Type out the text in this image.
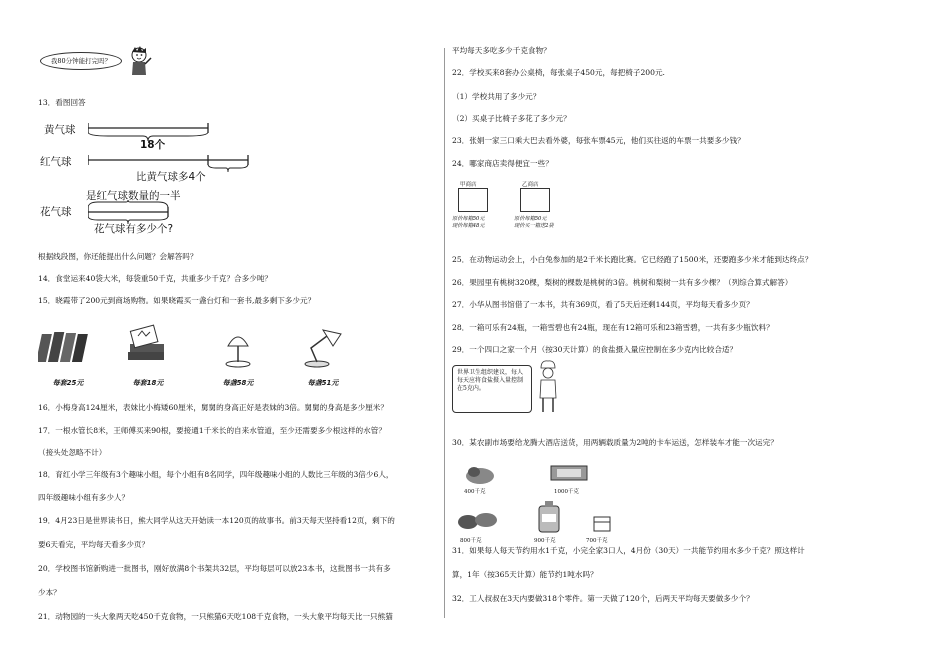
我80分钟能打完吗？
13．看图回答
黄气球
18个
红气球
比黄气球多4个
是红气球数量的一半
花气球
花气球有多少个?
根据线段图，你还能提出什么问题？会解答吗？
14．食堂运来40袋大米，每袋重50千克，共重多少千克？合多少吨？
15．晓霞带了200元到商场购物。如果晓霞买一盏台灯和一套书,最多剩下多少元？
每套25元	每套18元	每盏58元	每盏51元
16．小梅身高124厘米，表妹比小梅矮60厘米，舅舅的身高正好是表妹的3倍。舅舅的身高是多少厘米？
17．一根水管长8米，王师傅买来90根，要接通1千米长的自来水管道，至少还需要多少根这样的水管？
（接头处忽略不计）
18．育红小学三年级有3个趣味小组，每个小组有8名同学，四年级趣味小组的人数比三年级的3倍少6人，
四年级趣味小组有多少人？
19．4月23日是世界读书日，熊大同学从这天开始读一本120页的故事书。前3天每天坚持看12页，剩下的
要6天看完，平均每天看多少页？
20．学校图书馆新购进一批图书，刚好放满8个书架共32层，平均每层可以放23本书，这批图书一共有多
少本？
21．动物园的一头大象两天吃450千克食物，一只熊猫6天吃108千克食物，一头大象平均每天比一只熊猫
平均每天多吃多少千克食物？
22．学校买来8套办公桌椅，每张桌子450元，每把椅子200元.
（1）学校共用了多少元？
（2）买桌子比椅子多花了多少元？
23．张娟一家三口乘大巴去看外婆，每张车票45元，他们买往返的车票一共要多少钱？
24．哪家商店卖得便宜一些？
甲商店
原价每箱50元
现价每箱48元
乙商店
原价每箱50元
现价买一箱送2袋
25．在动物运动会上，小白兔参加的是2千米长跑比赛。它已经跑了1500米，还要跑多少米才能到达终点？
26．果园里有桃树320棵，梨树的棵数是桃树的3倍。桃树和梨树一共有多少棵？（列综合算式解答）
27．小华从图书馆借了一本书，共有369页，看了5天后还剩144页，平均每天看多少页？
28．一箱可乐有24瓶，一箱雪碧也有24瓶，现在有12箱可乐和23箱雪碧，一共有多少瓶饮料？
29．一个四口之家一个月（按30天计算）的食盐摄入量应控制在多少克内比较合适？
世界卫生组织建议，每人每天应将食盐摄入量控制在5克内。
30．某农副市场要给龙腾大酒店送货，用两辆载质量为2吨的卡车运送，怎样装车才能一次运完？
400千克	1000千克
800千克	900千克	700千克
31．如果每人每天节约用水1千克，小完全家3口人，4月份（30天）一共能节约用水多少千克？照这样计
算，1年（按365天计算）能节约1吨水吗？
32．工人叔叔在3天内要做318个零件。第一天做了120个，后两天平均每天要做多少个？
